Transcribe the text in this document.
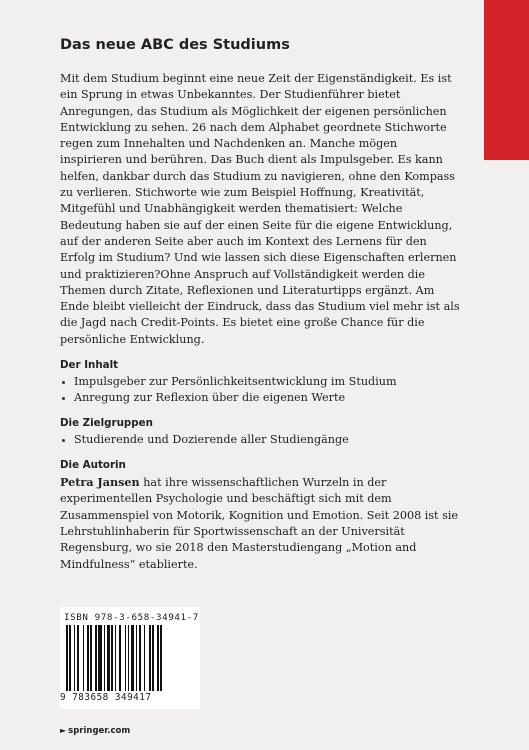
Das neue ABC des Studiums

Mit dem Studium beginnt eine neue Zeit der Eigenständigkeit. Es ist ein Sprung in etwas Unbekanntes. Der Studienführer bietet Anregungen, das Studium als Möglichkeit der eigenen persönlichen Entwicklung zu sehen. 26 nach dem Alphabet geordnete Stichworte regen zum Innehalten und Nachdenken an. Manche mögen inspirieren und berühren. Das Buch dient als Impulsgeber. Es kann helfen, dankbar durch das Studium zu navigieren, ohne den Kompass zu verlieren. Stichworte wie zum Beispiel Hoffnung, Kreativität, Mitgefühl und Unabhängigkeit werden thematisiert: Welche Bedeutung haben sie auf der einen Seite für die eigene Entwicklung, auf der anderen Seite aber auch im Kontext des Lernens für den Erfolg im Studium? Und wie lassen sich diese Eigenschaften erlernen und praktizieren?Ohne Anspruch auf Vollständigkeit werden die Themen durch Zitate, Reflexionen und Literaturtipps ergänzt. Am Ende bleibt vielleicht der Eindruck, dass das Studium viel mehr ist als die Jagd nach Credit-Points. Es bietet eine große Chance für die persönliche Entwicklung.

Der Inhalt
Impulsgeber zur Persönlichkeitsentwicklung im Studium
Anregung zur Reflexion über die eigenen Werte
Die Zielgruppen
Studierende und Dozierende aller Studiengänge
Die Autorin

Petra Jansen hat ihre wissenschaftlichen Wurzeln in der experimentellen Psychologie und beschäftigt sich mit dem Zusammenspiel von Motorik, Kognition und Emotion. Seit 2008 ist sie Lehrstuhlinhaberin für Sportwissenschaft an der Universität Regensburg, wo sie 2018 den Masterstudiengang „Motion and Mindfulness“ etablierte.

ISBN 978-3-658-34941-7
9 783658 349417
► springer.com
